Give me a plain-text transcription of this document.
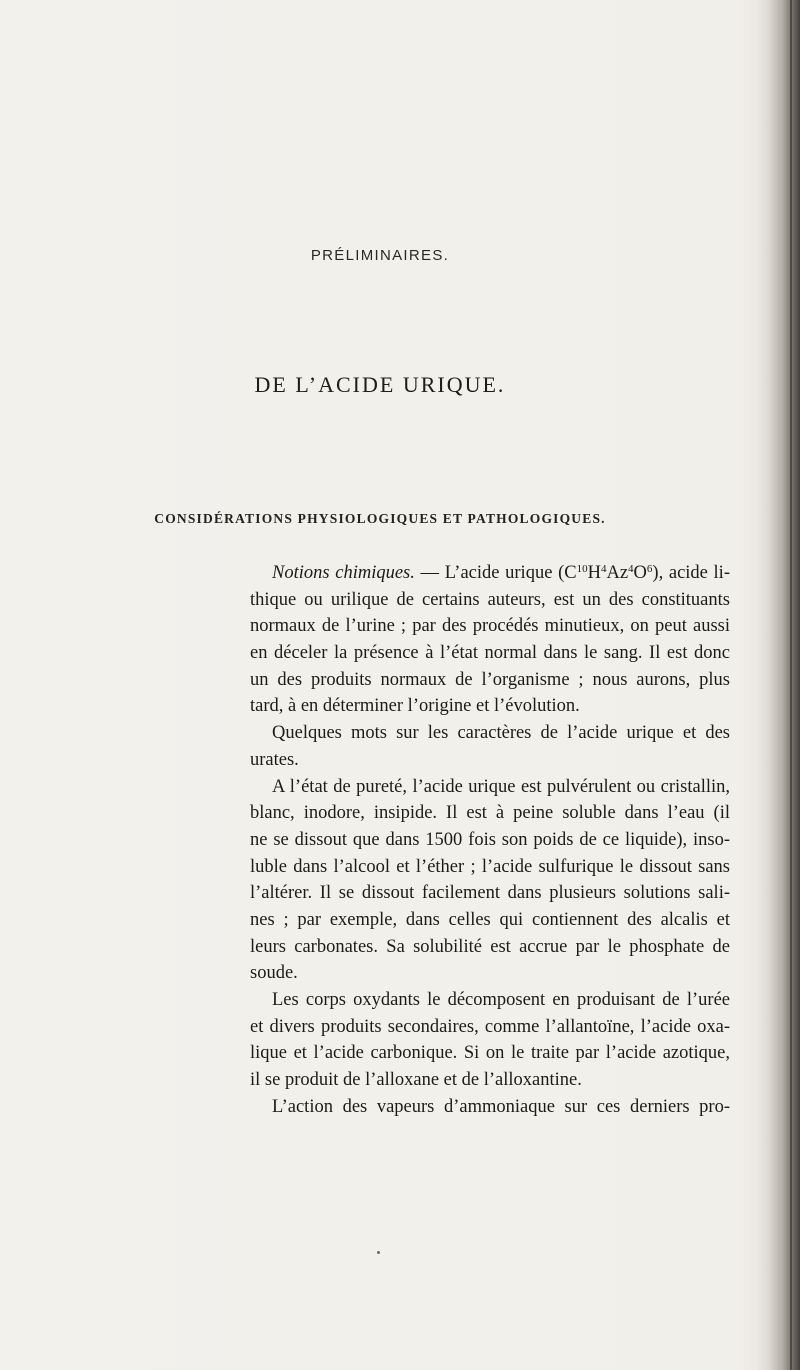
PRÉLIMINAIRES.

DE L’ACIDE URIQUE.
CONSIDÉRATIONS PHYSIOLOGIQUES ET PATHOLOGIQUES.
Notions chimiques. — L’acide urique $(C^{10}H^4Az^4O^6)$, acide li-
thique ou urilique de certains auteurs, est un des constituants
normaux de l’urine ; par des procédés minutieux, on peut aussi
en déceler la présence à l’état normal dans le sang. Il est donc
un des produits normaux de l’organisme ; nous aurons, plus
tard, à en déterminer l’origine et l’évolution.
Quelques mots sur les caractères de l’acide urique et des
urates.
A l’état de pureté, l’acide urique est pulvérulent ou cristallin,
blanc, inodore, insipide. Il est à peine soluble dans l’eau (il
ne se dissout que dans 1500 fois son poids de ce liquide), inso-
luble dans l’alcool et l’éther ; l’acide sulfurique le dissout sans
l’altérer. Il se dissout facilement dans plusieurs solutions sali-
nes ; par exemple, dans celles qui contiennent des alcalis et
leurs carbonates. Sa solubilité est accrue par le phosphate de
soude.
Les corps oxydants le décomposent en produisant de l’urée
et divers produits secondaires, comme l’allantoïne, l’acide oxa-
lique et l’acide carbonique. Si on le traite par l’acide azotique,
il se produit de l’alloxane et de l’alloxantine.
L’action des vapeurs d’ammoniaque sur ces derniers pro-
